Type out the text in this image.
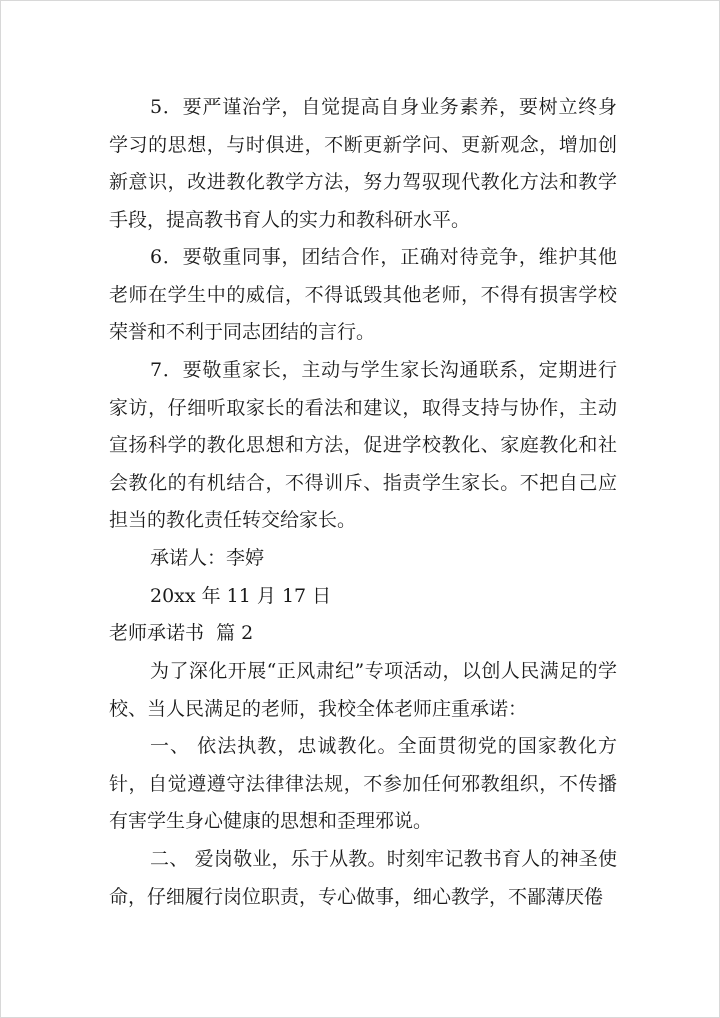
5．要严谨治学，自觉提高自身业务素养，要树立终身学习的思想，与时俱进，不断更新学问、更新观念，增加创新意识，改进教化教学方法，努力驾驭现代教化方法和教学手段，提高教书育人的实力和教科研水平。

6．要敬重同事，团结合作，正确对待竞争，维护其他老师在学生中的威信，不得诋毁其他老师，不得有损害学校荣誉和不利于同志团结的言行。

7．要敬重家长，主动与学生家长沟通联系，定期进行家访，仔细听取家长的看法和建议，取得支持与协作，主动宣扬科学的教化思想和方法，促进学校教化、家庭教化和社会教化的有机结合，不得训斥、指责学生家长。不把自己应担当的教化责任转交给家长。

承诺人：李婷

20xx 年 11 月 17 日

老师承诺书  篇 2

为了深化开展“正风肃纪”专项活动，以创人民满足的学校、当人民满足的老师，我校全体老师庄重承诺：

一、 依法执教，忠诚教化。全面贯彻党的国家教化方针，自觉遵遵守法律律法规，不参加任何邪教组织，不传播有害学生身心健康的思想和歪理邪说。

二、 爱岗敬业，乐于从教。时刻牢记教书育人的神圣使命，仔细履行岗位职责，专心做事，细心教学，不鄙薄厌倦
